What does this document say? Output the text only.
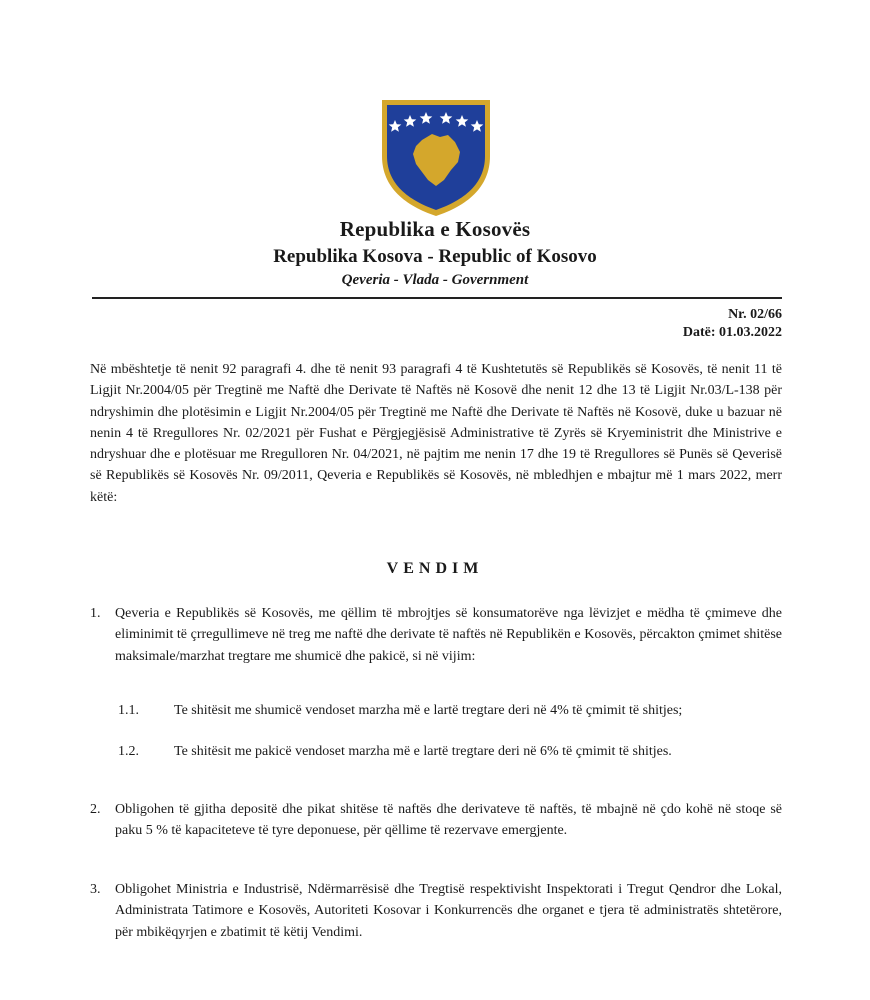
Republika e Kosovës
Republika Kosova - Republic of Kosovo
Qeveria - Vlada - Government
Nr. 02/66
Datë: 01.03.2022
Në mbështetje të nenit 92 paragrafi 4. dhe të nenit 93 paragrafi 4 të Kushtetutës së Republikës së Kosovës, të nenit 11 të Ligjit Nr.2004/05 për Tregtinë me Naftë dhe Derivate të Naftës në Kosovë dhe nenit 12 dhe 13 të Ligjit Nr.03/L-138 për ndryshimin dhe plotësimin e Ligjit Nr.2004/05 për Tregtinë me Naftë dhe Derivate të Naftës në Kosovë, duke u bazuar në nenin 4 të Rregullores Nr. 02/2021 për Fushat e Përgjegjësisë Administrative të Zyrës së Kryeministrit dhe Ministrive e ndryshuar dhe e plotësuar me Rregulloren Nr. 04/2021, në pajtim me nenin 17 dhe 19 të Rregullores së Punës së Qeverisë së Republikës së Kosovës Nr. 09/2011, Qeveria e Republikës së Kosovës, në mbledhjen e mbajtur më 1 mars 2022, merr këtë:
VENDIM
1. Qeveria e Republikës së Kosovës, me qëllim të mbrojtjes së konsumatorëve nga lëvizjet e mëdha të çmimeve dhe eliminimit të çrregullimeve në treg me naftë dhe derivate të naftës në Republikën e Kosovës, përcakton çmimet shitëse maksimale/marzhat tregtare me shumicë dhe pakicë, si në vijim:
1.1.	Te shitësit me shumicë vendoset marzha më e lartë tregtare deri në 4% të çmimit të shitjes;
1.2.	Te shitësit me pakicë vendoset marzha më e lartë tregtare deri në 6% të çmimit të shitjes.
2. Obligohen të gjitha depositë dhe pikat shitëse të naftës dhe derivateve të naftës, të mbajnë në çdo kohë në stoqe së paku 5 % të kapaciteteve të tyre deponuese, për qëllime të rezervave emergjente.
3. Obligohet Ministria e Industrisë, Ndërmarrësisë dhe Tregtisë respektivisht Inspektorati i Tregut Qendror dhe Lokal, Administrata Tatimore e Kosovës, Autoriteti Kosovar i Konkurrencës dhe organet e tjera të administratës shtetërore, për mbikëqyrjen e zbatimit të këtij Vendimi.
